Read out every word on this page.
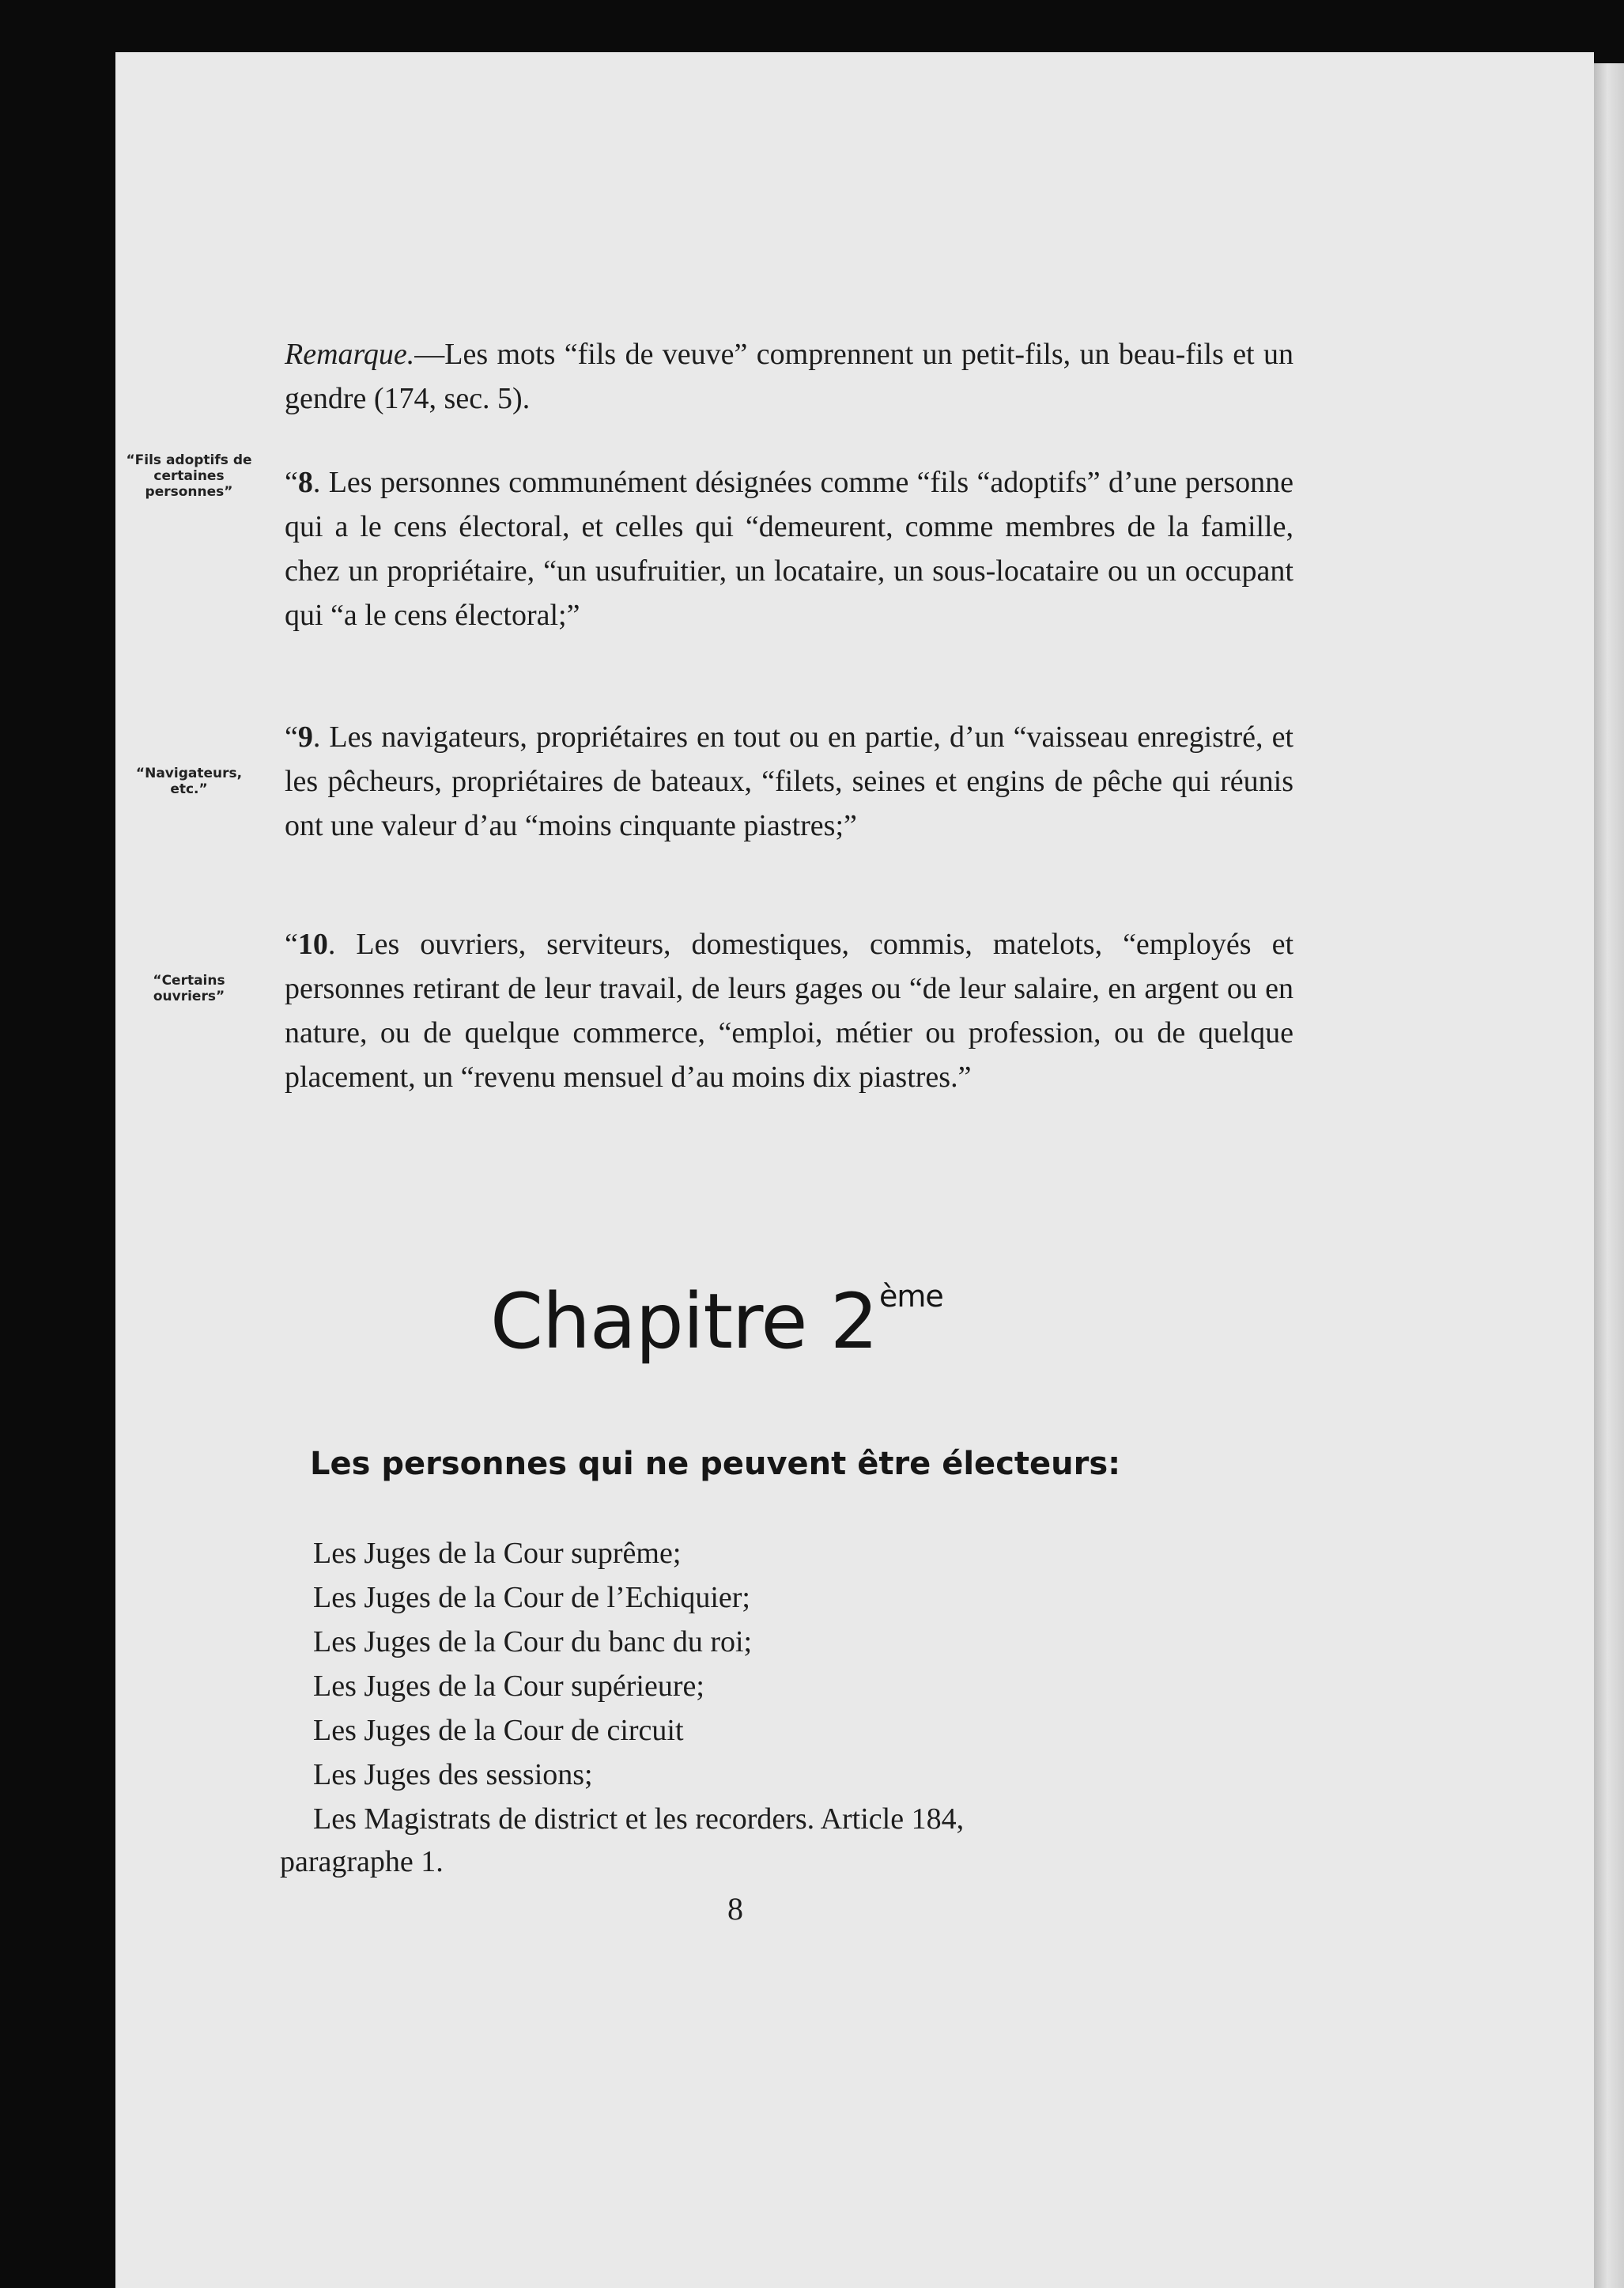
Remarque.—Les mots “fils de veuve” comprennent un petit-fils, un beau-fils et un gendre (174, sec. 5).
“Fils adoptifs de certaines personnes”	“8. Les personnes communément désignées comme “fils “adoptifs” d’une personne qui a le cens électoral, et celles qui “demeurent, comme membres de la famille, chez un propriétaire, “un usufruitier, un locataire, un sous-locataire ou un occupant qui “a le cens électoral;”
“Navigateurs, etc.”
“9. Les navigateurs, propriétaires en tout ou en partie, d’un “vaisseau enregistré, et les pêcheurs, propriétaires de bateaux, “filets, seines et engins de pêche qui réunis ont une valeur d’au “moins cinquante piastres;”
“Certains ouvriers”
“10. Les ouvriers, serviteurs, domestiques, commis, matelots, “employés et personnes retirant de leur travail, de leurs gages ou “de leur salaire, en argent ou en nature, ou de quelque commerce, “emploi, métier ou profession, ou de quelque placement, un “revenu mensuel d’au moins dix piastres.”
Chapitre 2ème
Les personnes qui ne peuvent être électeurs:
Les Juges de la Cour suprême;
Les Juges de la Cour de l’Echiquier;
Les Juges de la Cour du banc du roi;
Les Juges de la Cour supérieure;
Les Juges de la Cour de circuit
Les Juges des sessions;
Les Magistrats de district et les recorders. Article 184,
paragraphe 1.
8
